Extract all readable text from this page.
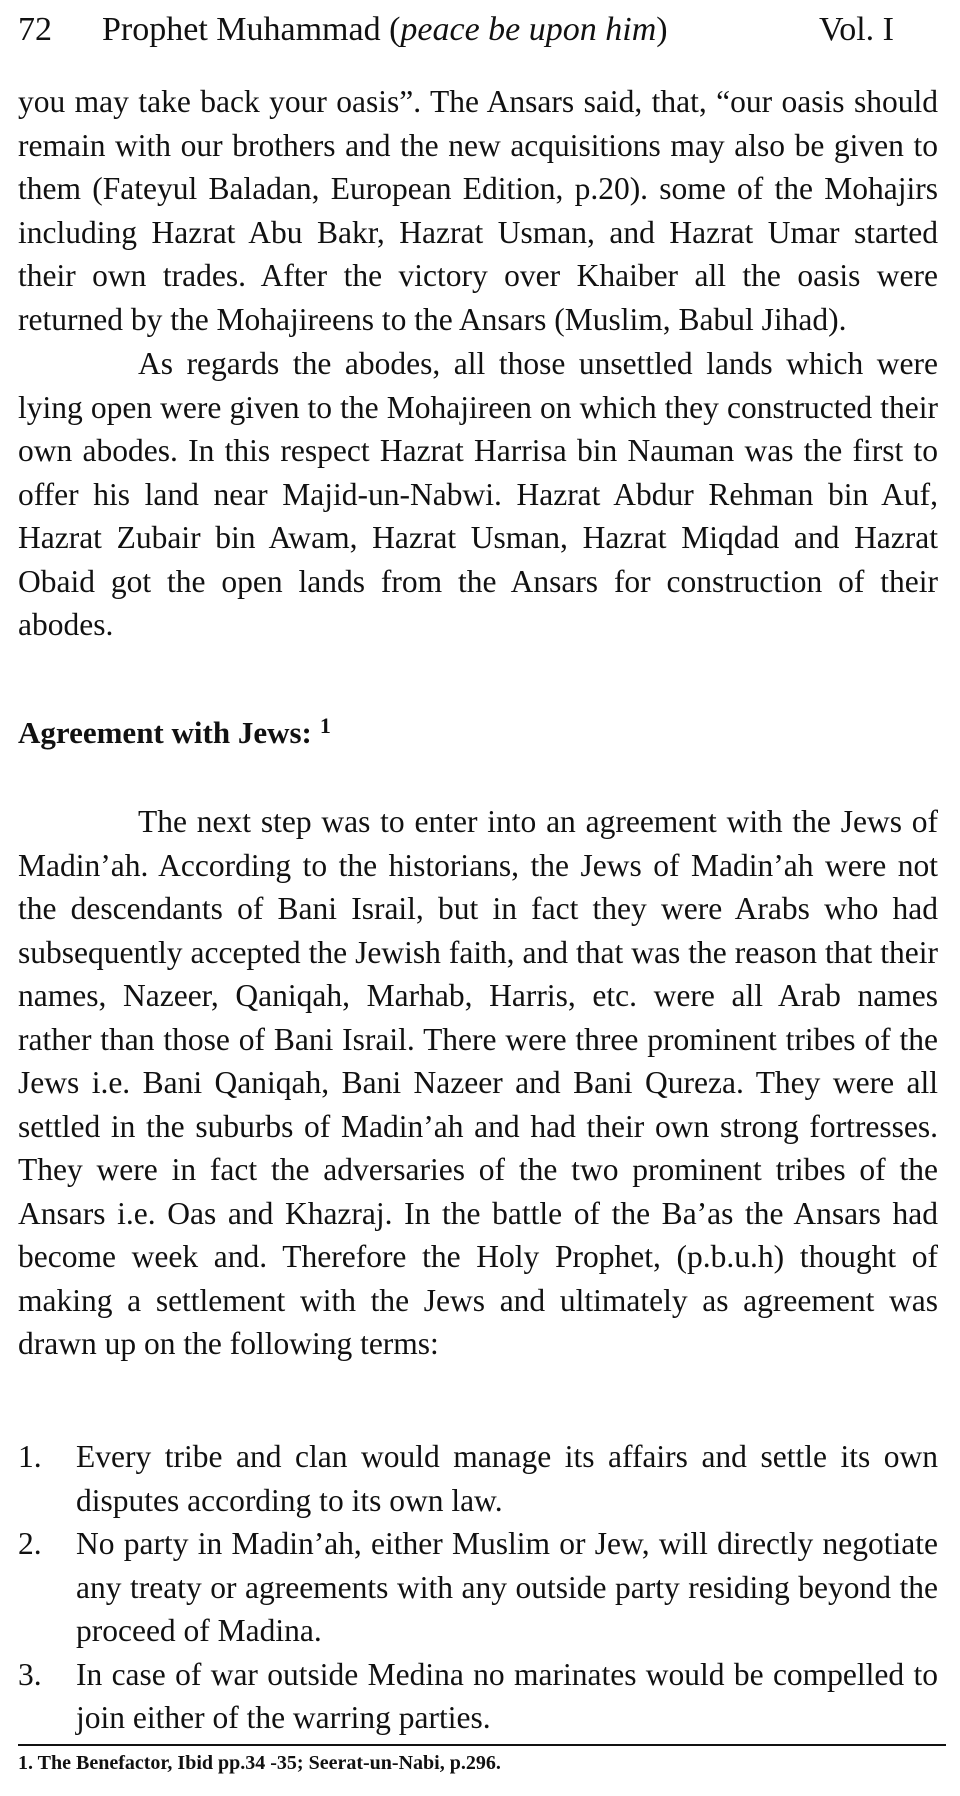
72 Prophet Muhammad (peace be upon him)	Vol. I

you may take back your oasis”. The Ansars said, that, “our oasis should remain with our brothers and the new acquisitions may also be given to them (Fateyul Baladan, European Edition, p.20). some of the Mohajirs including Hazrat Abu Bakr, Hazrat Usman, and Hazrat Umar started their own trades. After the victory over Khaiber all the oasis were returned by the Mohajireens to the Ansars (Muslim, Babul Jihad).

As regards the abodes, all those unsettled lands which were lying open were given to the Mohajireen on which they constructed their own abodes. In this respect Hazrat Harrisa bin Nauman was the first to offer his land near Majid-un-Nabwi. Hazrat Abdur Rehman bin Auf, Hazrat Zubair bin Awam, Hazrat Usman, Hazrat Miqdad and Hazrat Obaid got the open lands from the Ansars for construction of their abodes.

Agreement with Jews: $^1$

The next step was to enter into an agreement with the Jews of Madin’ah. According to the historians, the Jews of Madin’ah were not the descendants of Bani Israil, but in fact they were Arabs who had subsequently accepted the Jewish faith, and that was the reason that their names, Nazeer, Qaniqah, Marhab, Harris, etc. were all Arab names rather than those of Bani Israil. There were three prominent tribes of the Jews i.e. Bani Qaniqah, Bani Nazeer and Bani Qureza. They were all settled in the suburbs of Madin’ah and had their own strong fortresses. They were in fact the adversaries of the two prominent tribes of the Ansars i.e. Oas and Khazraj. In the battle of the Ba’as the Ansars had become week and. Therefore the Holy Prophet, (p.b.u.h) thought of making a settlement with the Jews and ultimately as agreement was drawn up on the following terms:

1. Every tribe and clan would manage its affairs and settle its own disputes according to its own law.
2. No party in Madin’ah, either Muslim or Jew, will directly negotiate any treaty or agreements with any outside party residing beyond the proceed of Madina.
3. In case of war outside Medina no marinates would be compelled to join either of the warring parties.
1. The Benefactor, Ibid pp.34 -35; Seerat-un-Nabi, p.296.
